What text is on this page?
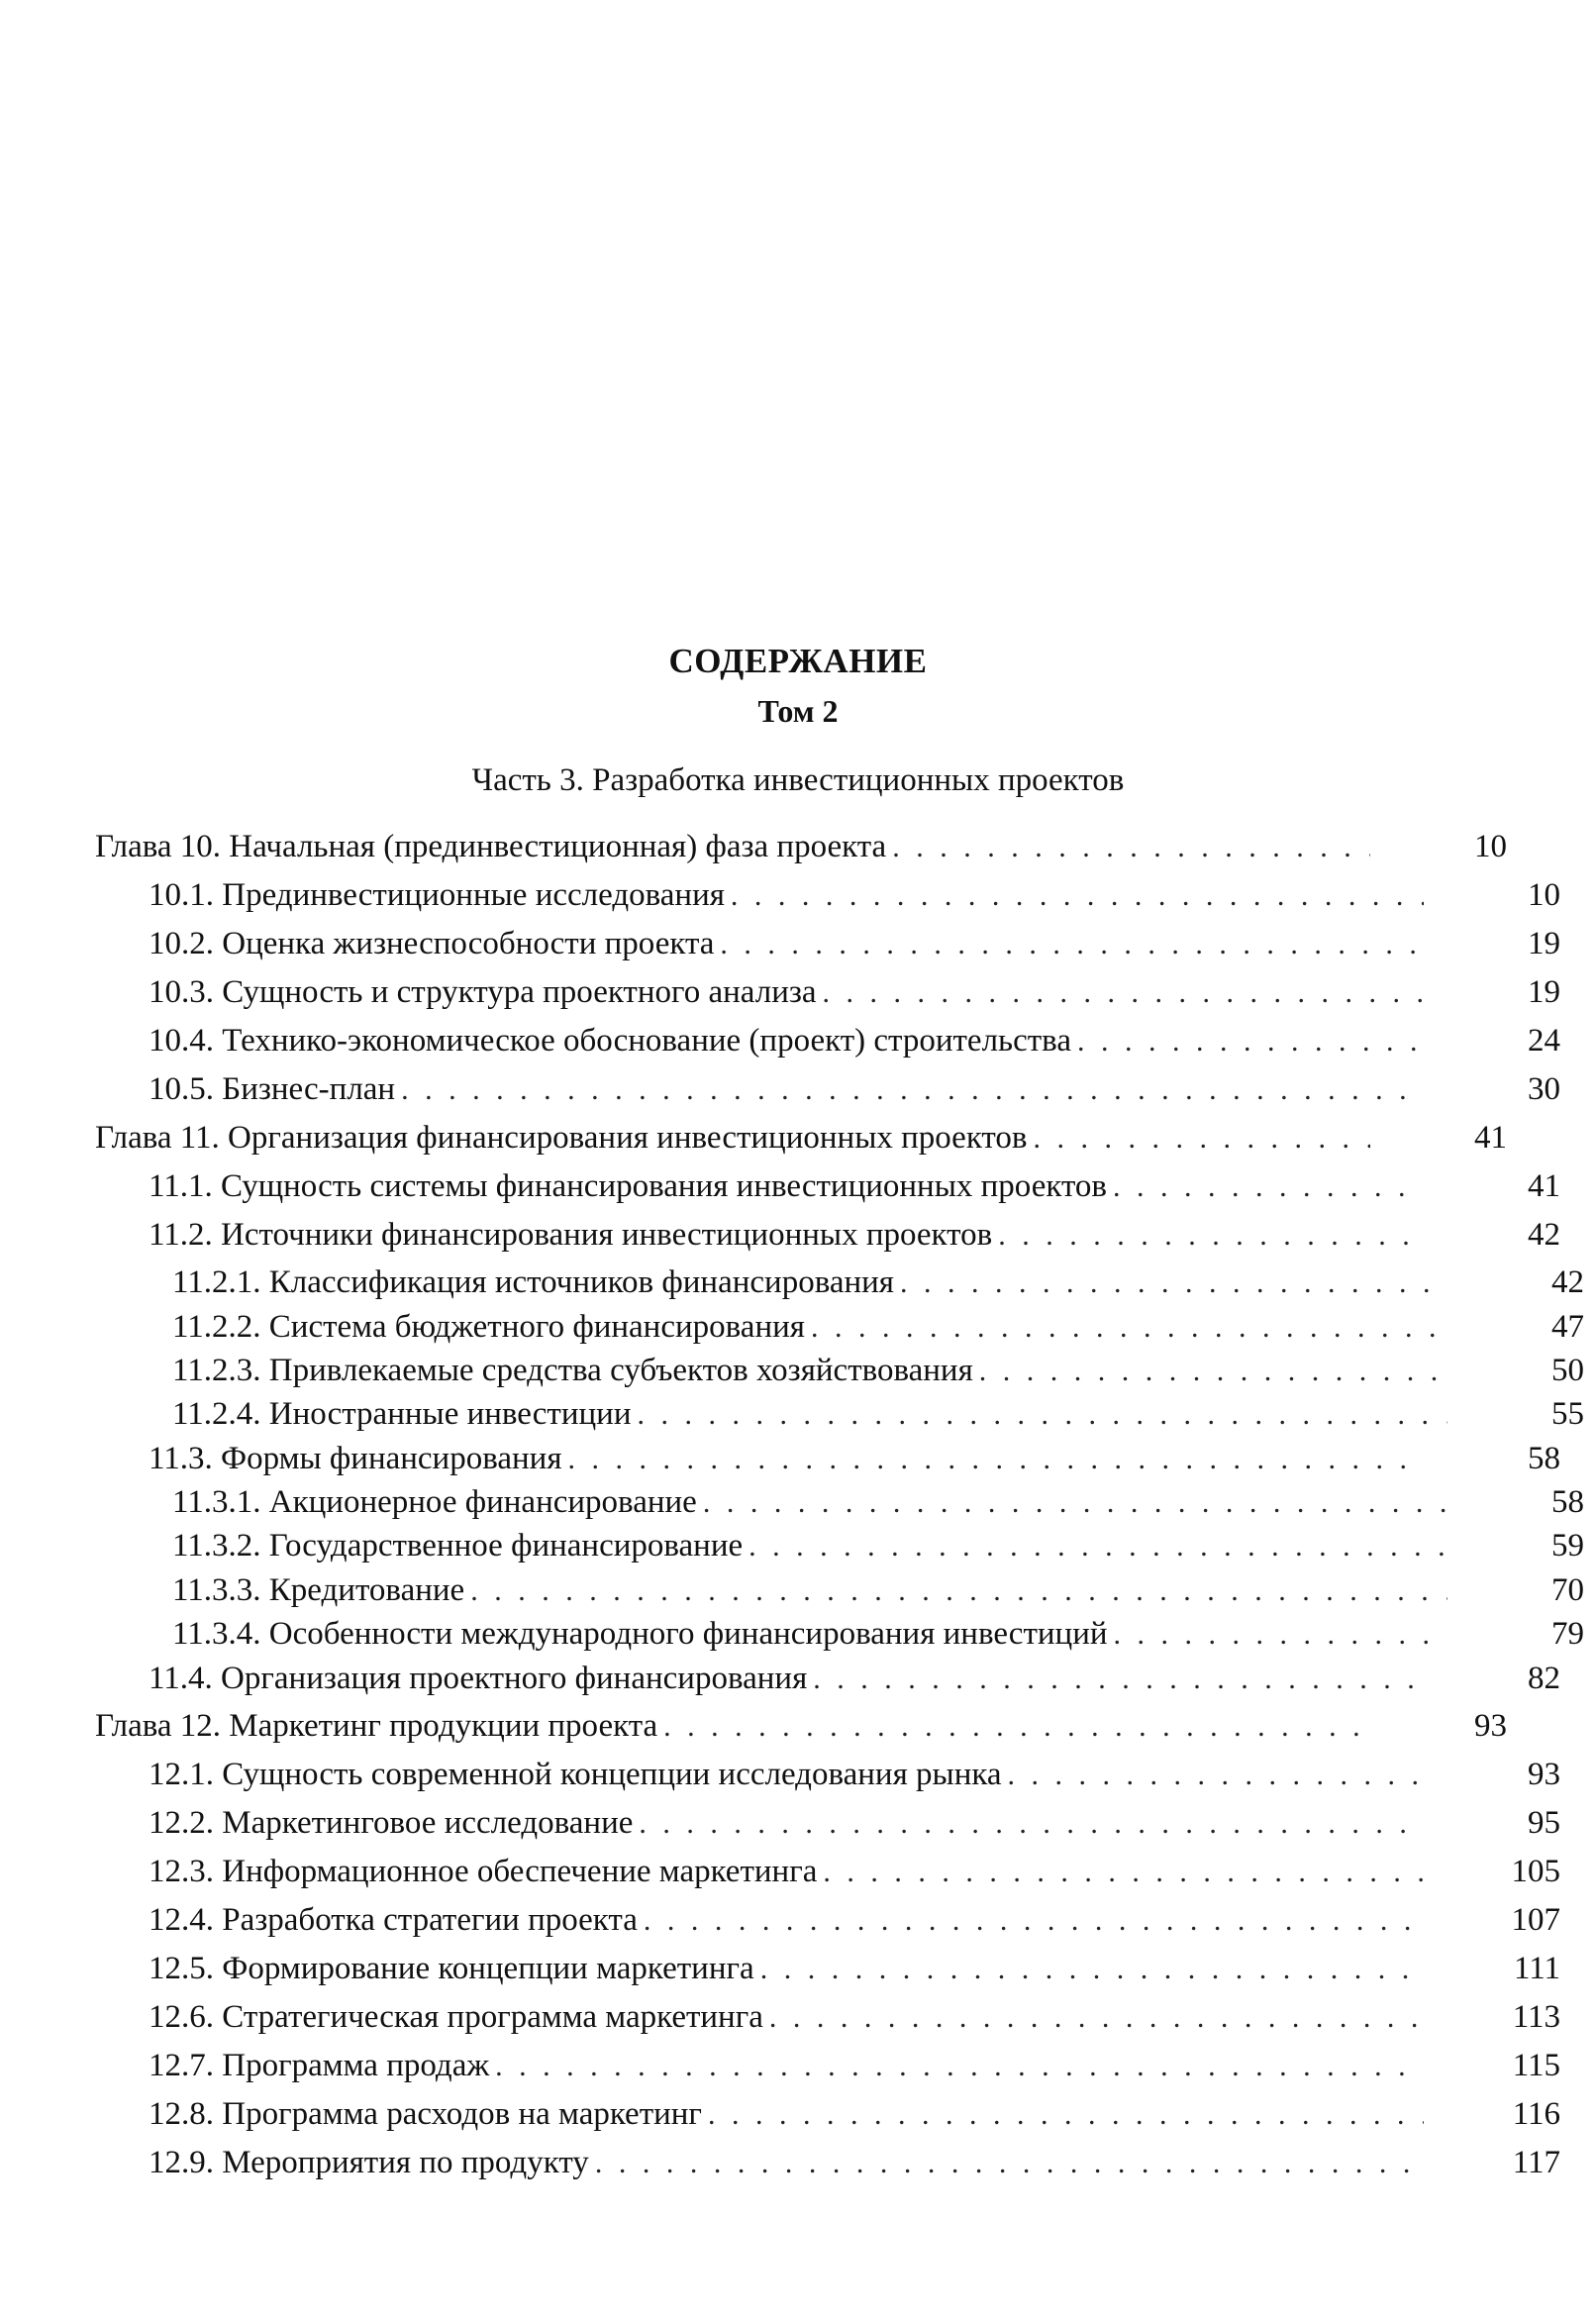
СОДЕРЖАНИЕ
Том 2
Часть 3. Разработка инвестиционных проектов
Глава 10. Начальная (прединвестиционная) фаза проекта . . .	10
10.1. Прединвестиционные исследования . . .	10
10.2. Оценка жизнеспособности проекта . . .	19
10.3. Сущность и структура проектного анализа . . .	19
10.4. Технико-экономическое обоснование (проект) строительства . . .	24
10.5. Бизнес-план . . .	30
Глава 11. Организация финансирования инвестиционных проектов . . .	41
11.1. Сущность системы финансирования инвестиционных проектов . . .	41
11.2. Источники финансирования инвестиционных проектов . . .	42
11.2.1. Классификация источников финансирования . . .	42
11.2.2. Система бюджетного финансирования . . .	47
11.2.3. Привлекаемые средства субъектов хозяйствования . . .	50
11.2.4. Иностранные инвестиции . . .	55
11.3. Формы финансирования . . .	58
11.3.1. Акционерное финансирование . . .	58
11.3.2. Государственное финансирование . . .	59
11.3.3. Кредитование . . .	70
11.3.4. Особенности международного финансирования инвестиций . . .	79
11.4. Организация проектного финансирования . . .	82
Глава 12. Маркетинг продукции проекта . . .	93
12.1. Сущность современной концепции исследования рынка . . .	93
12.2. Маркетинговое исследование . . .	95
12.3. Информационное обеспечение маркетинга . . .	105
12.4. Разработка стратегии проекта . . .	107
12.5. Формирование концепции маркетинга . . .	111
12.6. Стратегическая программа маркетинга . . .	113
12.7. Программа продаж . . .	115
12.8. Программа расходов на маркетинг . . .	116
12.9. Мероприятия по продукту . . .	117
